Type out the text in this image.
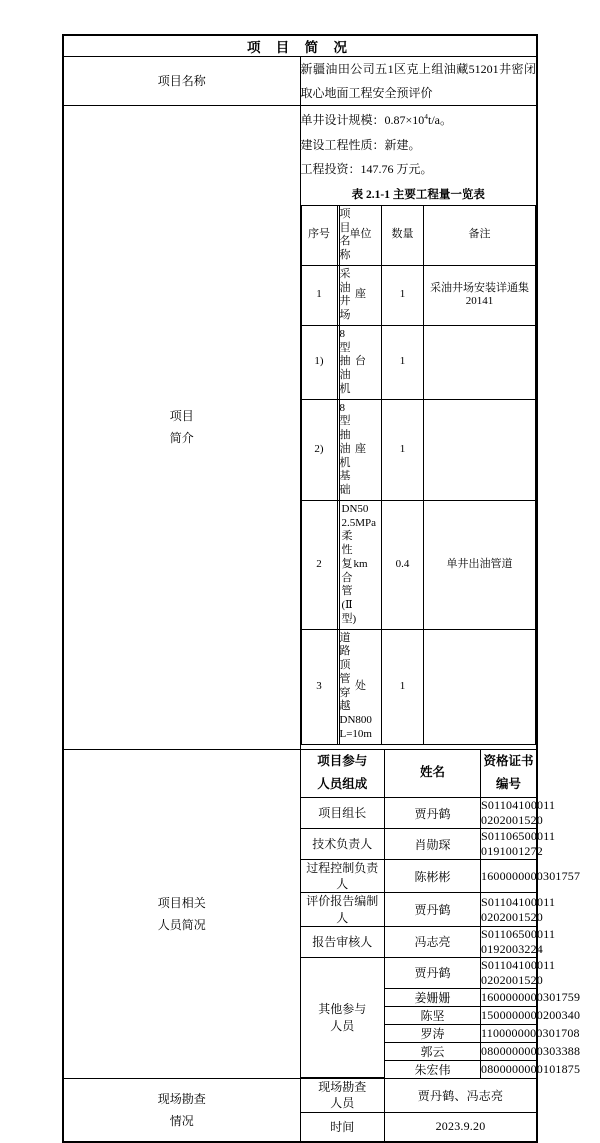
项 目 简 况
项目名称	
新疆油田公司五1区克上组油藏51201井密闭取心地面工程安全预评价

项目
简介

单井设计规模：$0.87\times 10^4t/a$。
建设工程性质：新建。
工程投资：147.76 万元。
表 2.1-1 主要工程量一览表
序号	项目名称	单位	数量	备注
1	采油井场	座	1	采油井场安装详通集20141
1)	8 型抽油机	台	1	
2)	8 型抽油机基础	座	1	
2	DN50 2.5MPa 柔性复合管(Ⅱ型)	km	0.4	单井出油管道
3	道路顶管穿越 DN800 L=10m	处	1	

项目相关
人员简况

项目参与
人员组成
	姓名	资格证书编号
项目组长	贾丹鹤	S01104100011 0202001520
技术负责人	肖勋琛	S01106500011 0191001272
过程控制负责人	陈彬彬	1600000000301757
评价报告编制人	贾丹鹤	S01104100011 0202001520
报告审核人	冯志亮	S01106500011 0192003224

其他参与
人员
	贾丹鹤	S01104100011 0202001520
姜姗姗	1600000000301759
陈坚	1500000000200340
罗涛	1100000000301708
郭云	0800000000303388
朱宏伟	0800000000101875

现场勘查
情况

现场勘查
人员
	贾丹鹤、冯志亮
时间	2023.9.20
